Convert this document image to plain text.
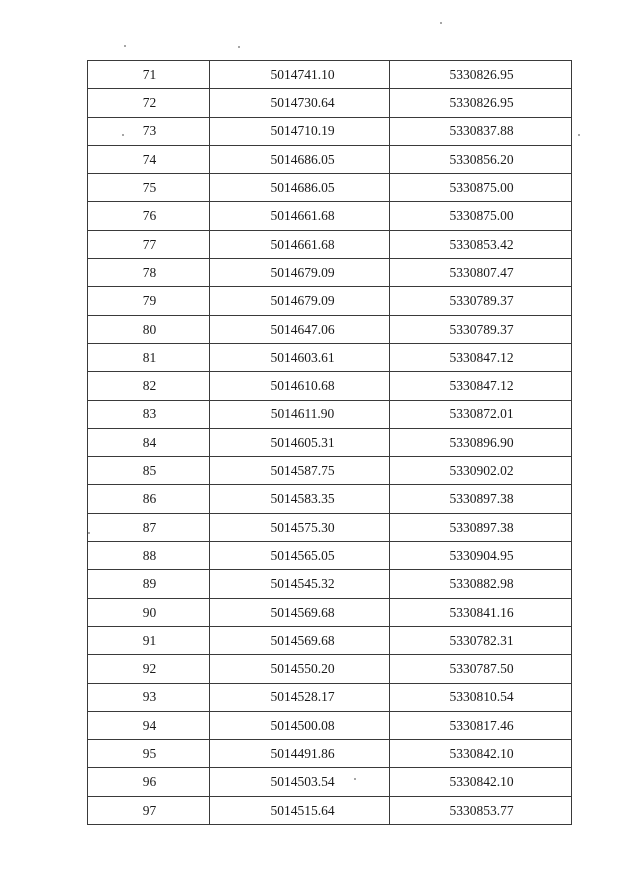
71	5014741.10	5330826.95
72	5014730.64	5330826.95
73	5014710.19	5330837.88
74	5014686.05	5330856.20
75	5014686.05	5330875.00
76	5014661.68	5330875.00
77	5014661.68	5330853.42
78	5014679.09	5330807.47
79	5014679.09	5330789.37
80	5014647.06	5330789.37
81	5014603.61	5330847.12
82	5014610.68	5330847.12
83	5014611.90	5330872.01
84	5014605.31	5330896.90
85	5014587.75	5330902.02
86	5014583.35	5330897.38
87	5014575.30	5330897.38
88	5014565.05	5330904.95
89	5014545.32	5330882.98
90	5014569.68	5330841.16
91	5014569.68	5330782.31
92	5014550.20	5330787.50
93	5014528.17	5330810.54
94	5014500.08	5330817.46
95	5014491.86	5330842.10
96	5014503.54	5330842.10
97	5014515.64	5330853.77
